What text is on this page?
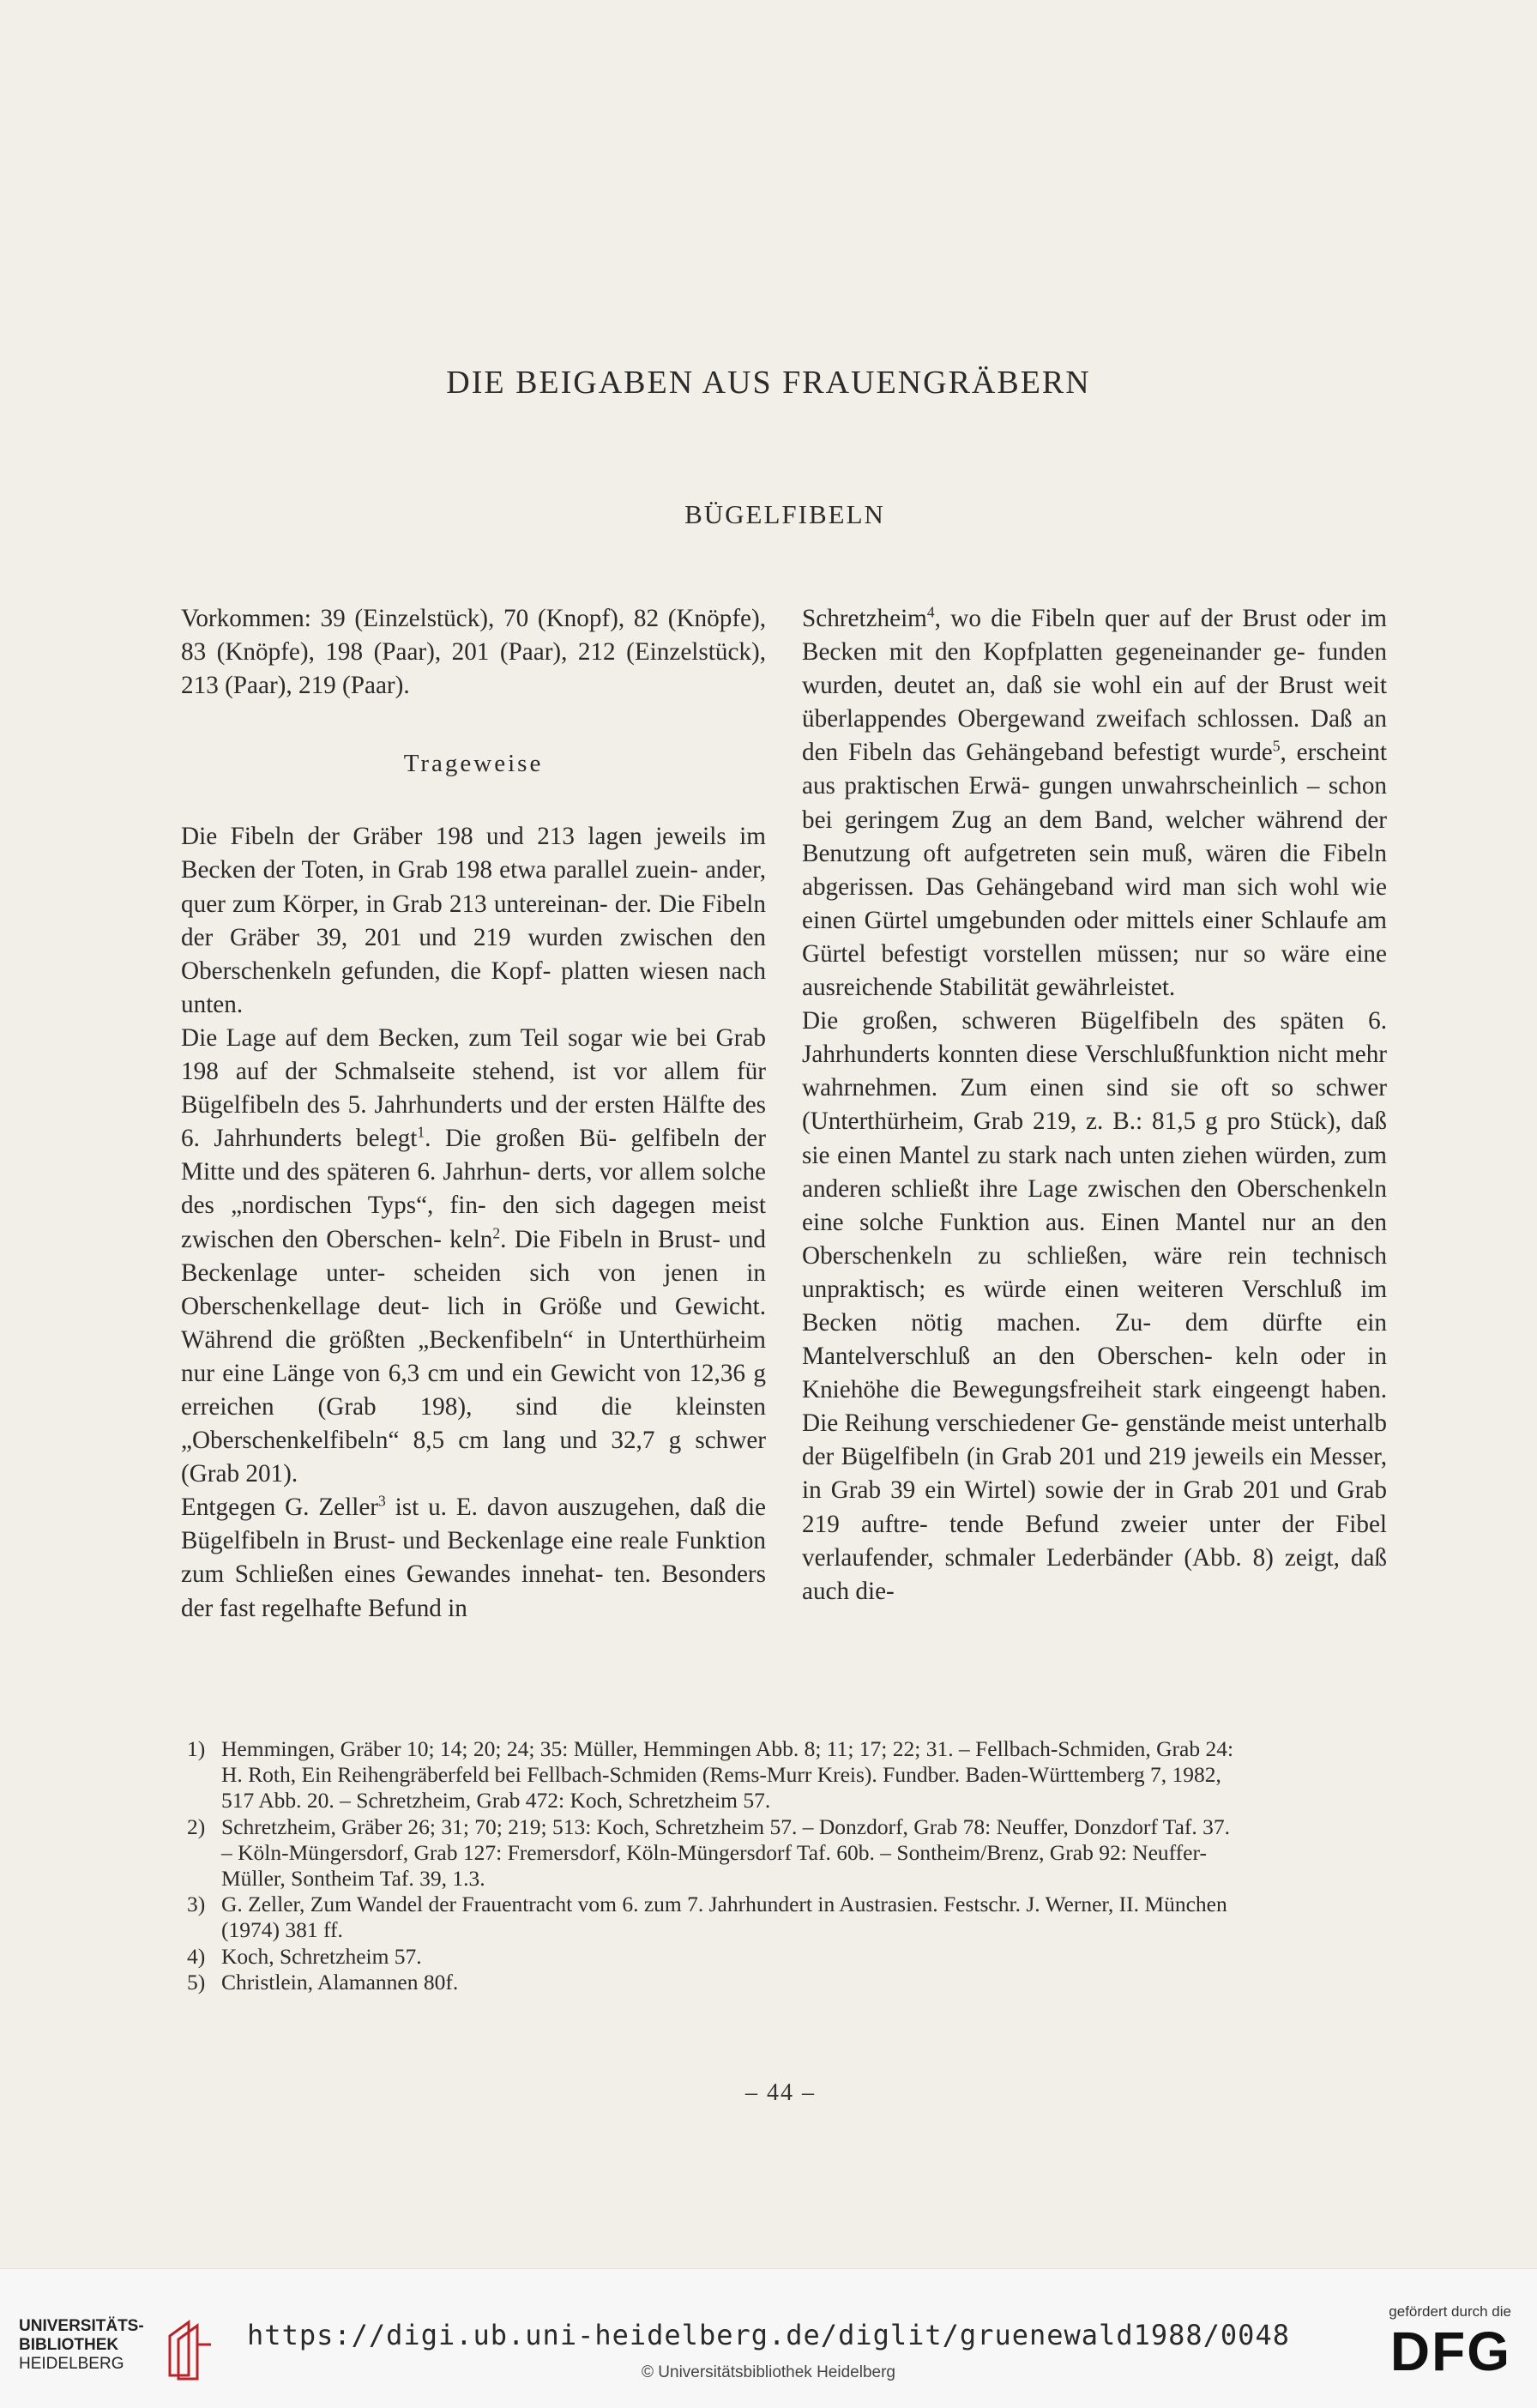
DIE BEIGABEN AUS FRAUENGRÄBERN
BÜGELFIBELN

Vorkommen: 39 (Einzelstück), 70 (Knopf), 82 (Knöpfe), 83 (Knöpfe), 198 (Paar), 201 (Paar), 212 (Einzelstück), 213 (Paar), 219 (Paar).

Trageweise

Die Fibeln der Gräber 198 und 213 lagen jeweils im Becken der Toten, in Grab 198 etwa parallel zuein- ander, quer zum Körper, in Grab 213 untereinan- der. Die Fibeln der Gräber 39, 201 und 219 wurden zwischen den Oberschenkeln gefunden, die Kopf- platten wiesen nach unten.

Die Lage auf dem Becken, zum Teil sogar wie bei Grab 198 auf der Schmalseite stehend, ist vor allem für Bügelfibeln des 5. Jahrhunderts und der ersten Hälfte des 6. Jahrhunderts belegt$^1$. Die großen Bü- gelfibeln der Mitte und des späteren 6. Jahrhun- derts, vor allem solche des „nordischen Typs“, fin- den sich dagegen meist zwischen den Oberschen- keln$^2$. Die Fibeln in Brust- und Beckenlage unter- scheiden sich von jenen in Oberschenkellage deut- lich in Größe und Gewicht. Während die größten „Beckenfibeln“ in Unterthürheim nur eine Länge von 6,3 cm und ein Gewicht von 12,36 g erreichen (Grab 198), sind die kleinsten „Oberschenkelfibeln“ 8,5 cm lang und 32,7 g schwer (Grab 201).

Entgegen G. Zeller$^3$ ist u. E. davon auszugehen, daß die Bügelfibeln in Brust- und Beckenlage eine reale Funktion zum Schließen eines Gewandes innehat- ten. Besonders der fast regelhafte Befund in

Schretzheim$^4$, wo die Fibeln quer auf der Brust oder im Becken mit den Kopfplatten gegeneinander ge- funden wurden, deutet an, daß sie wohl ein auf der Brust weit überlappendes Obergewand zweifach schlossen. Daß an den Fibeln das Gehängeband befestigt wurde$^5$, erscheint aus praktischen Erwä- gungen unwahrscheinlich – schon bei geringem Zug an dem Band, welcher während der Benutzung oft aufgetreten sein muß, wären die Fibeln abgerissen. Das Gehängeband wird man sich wohl wie einen Gürtel umgebunden oder mittels einer Schlaufe am Gürtel befestigt vorstellen müssen; nur so wäre eine ausreichende Stabilität gewährleistet.

Die großen, schweren Bügelfibeln des späten 6. Jahrhunderts konnten diese Verschlußfunktion nicht mehr wahrnehmen. Zum einen sind sie oft so schwer (Unterthürheim, Grab 219, z. B.: 81,5 g pro Stück), daß sie einen Mantel zu stark nach unten ziehen würden, zum anderen schließt ihre Lage zwischen den Oberschenkeln eine solche Funktion aus. Einen Mantel nur an den Oberschenkeln zu schließen, wäre rein technisch unpraktisch; es würde einen weiteren Verschluß im Becken nötig machen. Zu- dem dürfte ein Mantelverschluß an den Oberschen- keln oder in Kniehöhe die Bewegungsfreiheit stark eingeengt haben. Die Reihung verschiedener Ge- genstände meist unterhalb der Bügelfibeln (in Grab 201 und 219 jeweils ein Messer, in Grab 39 ein Wirtel) sowie der in Grab 201 und Grab 219 auftre- tende Befund zweier unter der Fibel verlaufender, schmaler Lederbänder (Abb. 8) zeigt, daß auch die-

1) Hemmingen, Gräber 10; 14; 20; 24; 35: Müller, Hemmingen Abb. 8; 11; 17; 22; 31. – Fellbach-Schmiden, Grab 24:
H. Roth, Ein Reihengräberfeld bei Fellbach-Schmiden (Rems-Murr Kreis). Fundber. Baden-Württemberg 7, 1982,
517 Abb. 20. – Schretzheim, Grab 472: Koch, Schretzheim 57.
2) Schretzheim, Gräber 26; 31; 70; 219; 513: Koch, Schretzheim 57. – Donzdorf, Grab 78: Neuffer, Donzdorf Taf. 37.
– Köln-Müngersdorf, Grab 127: Fremersdorf, Köln-Müngersdorf Taf. 60b. – Sontheim/Brenz, Grab 92: Neuffer-
Müller, Sontheim Taf. 39, 1.3.
3) G. Zeller, Zum Wandel der Frauentracht vom 6. zum 7. Jahrhundert in Austrasien. Festschr. J. Werner, II. München
(1974) 381 ff.
4) Koch, Schretzheim 57.
5) Christlein, Alamannen 80f.
– 44 –
UNIVERSITÄTS-
BIBLIOTHEK
HEIDELBERG
https://digi.ub.uni-heidelberg.de/diglit/gruenewald1988/0048
© Universitätsbibliothek Heidelberg
gefördert durch die
DFG
